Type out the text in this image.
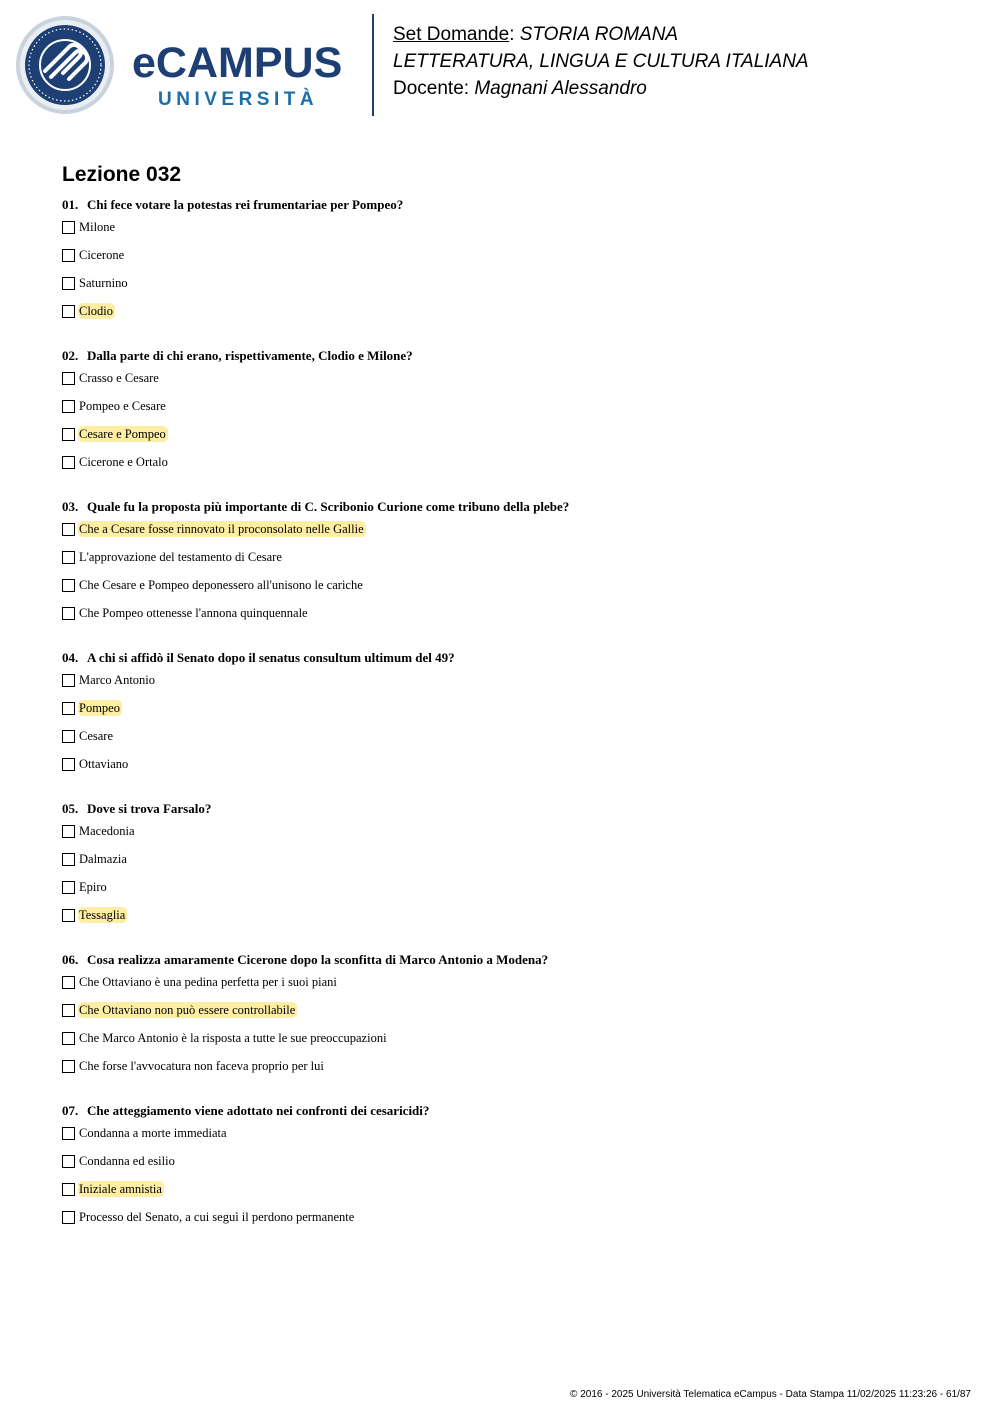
eCAMPUS
UNIVERSITÀ
Set Domande: STORIA ROMANA
LETTERATURA, LINGUA E CULTURA ITALIANA
Docente: Magnani Alessandro
Lezione 032
01. Chi fece votare la potestas rei frumentariae per Pompeo?
Milone
Cicerone
Saturnino
Clodio
02. Dalla parte di chi erano, rispettivamente, Clodio e Milone?
Crasso e Cesare
Pompeo e Cesare
Cesare e Pompeo
Cicerone e Ortalo
03. Quale fu la proposta più importante di C. Scribonio Curione come tribuno della plebe?
Che a Cesare fosse rinnovato il proconsolato nelle Gallie
L'approvazione del testamento di Cesare
Che Cesare e Pompeo deponessero all'unisono le cariche
Che Pompeo ottenesse l'annona quinquennale
04. A chi si affidò il Senato dopo il senatus consultum ultimum del 49?
Marco Antonio
Pompeo
Cesare
Ottaviano
05. Dove si trova Farsalo?
Macedonia
Dalmazia
Epiro
Tessaglia
06. Cosa realizza amaramente Cicerone dopo la sconfitta di Marco Antonio a Modena?
Che Ottaviano è una pedina perfetta per i suoi piani
Che Ottaviano non può essere controllabile
Che Marco Antonio è la risposta a tutte le sue preoccupazioni
Che forse l'avvocatura non faceva proprio per lui
07. Che atteggiamento viene adottato nei confronti dei cesaricidi?
Condanna a morte immediata
Condanna ed esilio
Iniziale amnistia
Processo del Senato, a cui seguì il perdono permanente
© 2016 - 2025 Università Telematica eCampus - Data Stampa 11/02/2025 11:23:26 - 61/87
